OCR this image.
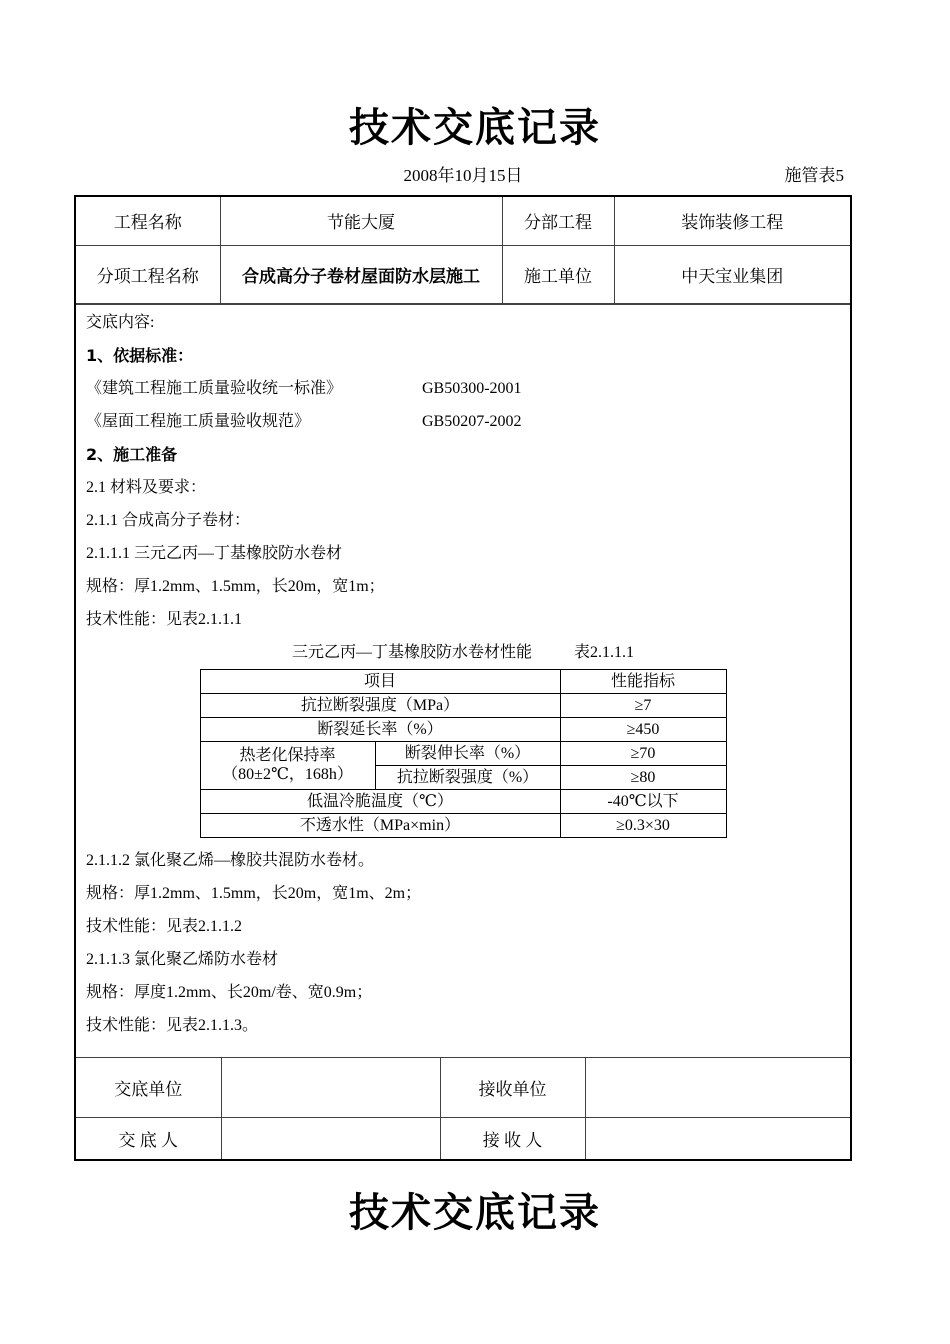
技术交底记录
2008年10月15日	施管表5
工程名称	节能大厦	分部工程	装饰装修工程
分项工程名称	合成高分子卷材屋面防水层施工	施工单位	中天宝业集团

交底内容:

1、依据标准：

《建筑工程施工质量验收统一标准》	GB50300-2001

《屋面工程施工质量验收规范》	GB50207-2002

2、施工准备

2.1 材料及要求：

2.1.1 合成高分子卷材：

2.1.1.1 三元乙丙—丁基橡胶防水卷材

规格：厚1.2mm、1.5mm，长20m，宽1m；

技术性能：见表2.1.1.1

三元乙丙—丁基橡胶防水卷材性能	表2.1.1.1

项目		性能指标
抗拉断裂强度（MPa）		≥7
断裂延长率（%）		≥450
热老化保持率
（80±2℃，168h）	断裂伸长率（%）	≥70
	抗拉断裂强度（%）	≥80
低温冷脆温度（℃）		-40℃以下
不透水性（MPa×min）		≥0.3×30

2.1.1.2 氯化聚乙烯—橡胶共混防水卷材。

规格：厚1.2mm、1.5mm，长20m，宽1m、2m；

技术性能：见表2.1.1.2

2.1.1.3 氯化聚乙烯防水卷材

规格：厚度1.2mm、长20m/卷、宽0.9m；

技术性能：见表2.1.1.3。

交底单位		接收单位	
交 底 人		接 收 人	
技术交底记录
